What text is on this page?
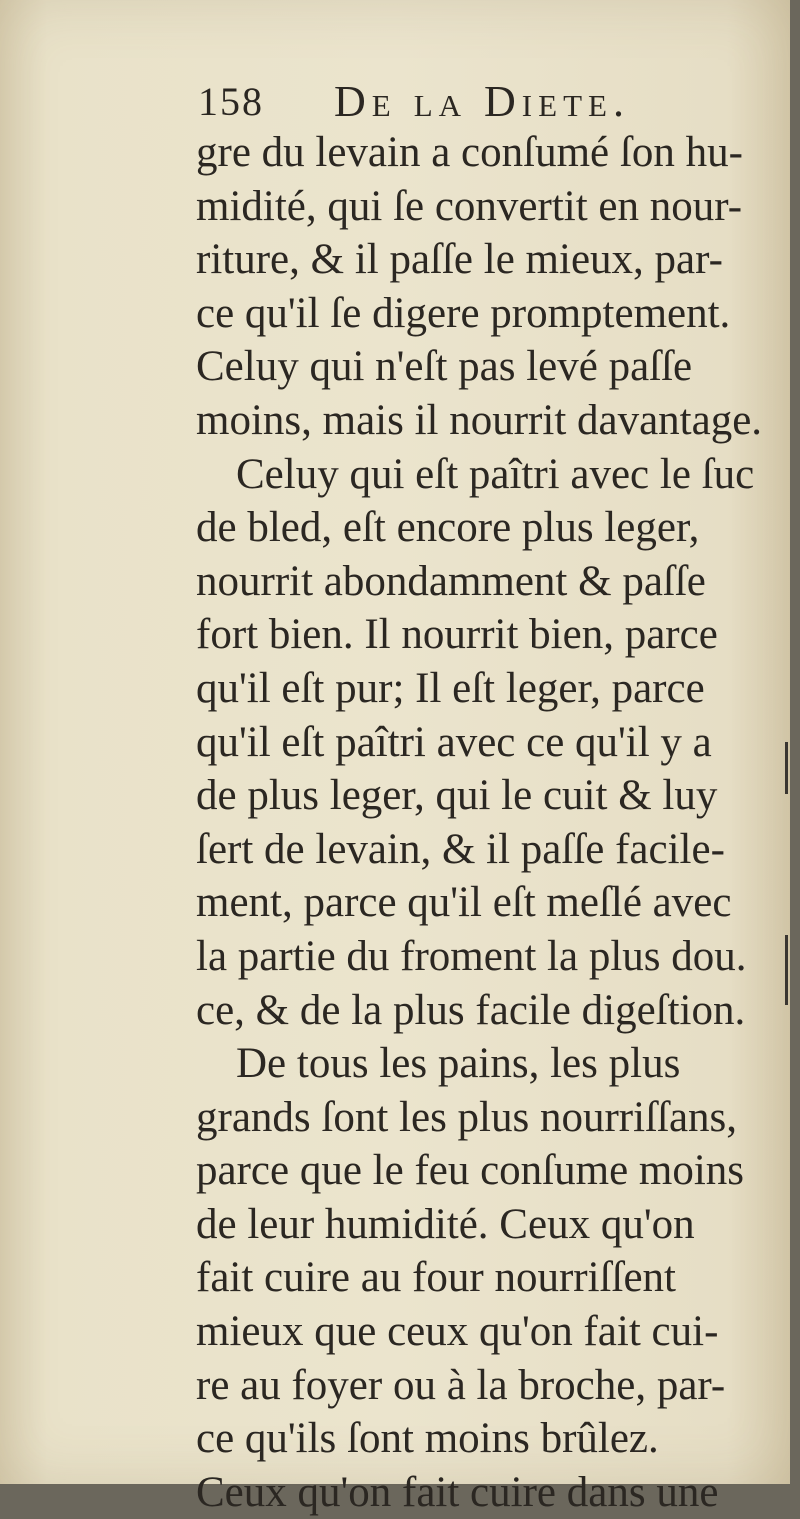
158 De la Diete.
gre du levain a conſumé ſon hu-
midité, qui ſe convertit en nour-
riture, & il paſſe le mieux, par-
ce qu'il ſe digere promptement.
Celuy qui n'eſt pas levé paſſe
moins, mais il nourrit davantage.
Celuy qui eſt paîtri avec le ſuc
de bled, eſt encore plus leger,
nourrit abondamment & paſſe
fort bien. Il nourrit bien, parce
qu'il eſt pur; Il eſt leger, parce
qu'il eſt paîtri avec ce qu'il y a
de plus leger, qui le cuit & luy
ſert de levain, & il paſſe facile-
ment, parce qu'il eſt meſlé avec
la partie du froment la plus dou.
ce, & de la plus facile digeſtion.
De tous les pains, les plus
grands ſont les plus nourriſſans,
parce que le feu conſume moins
de leur humidité. Ceux qu'on
fait cuire au four nourriſſent
mieux que ceux qu'on fait cui-
re au foyer ou à la broche, par-
ce qu'ils ſont moins brûlez.
Ceux qu'on fait cuire dans une
